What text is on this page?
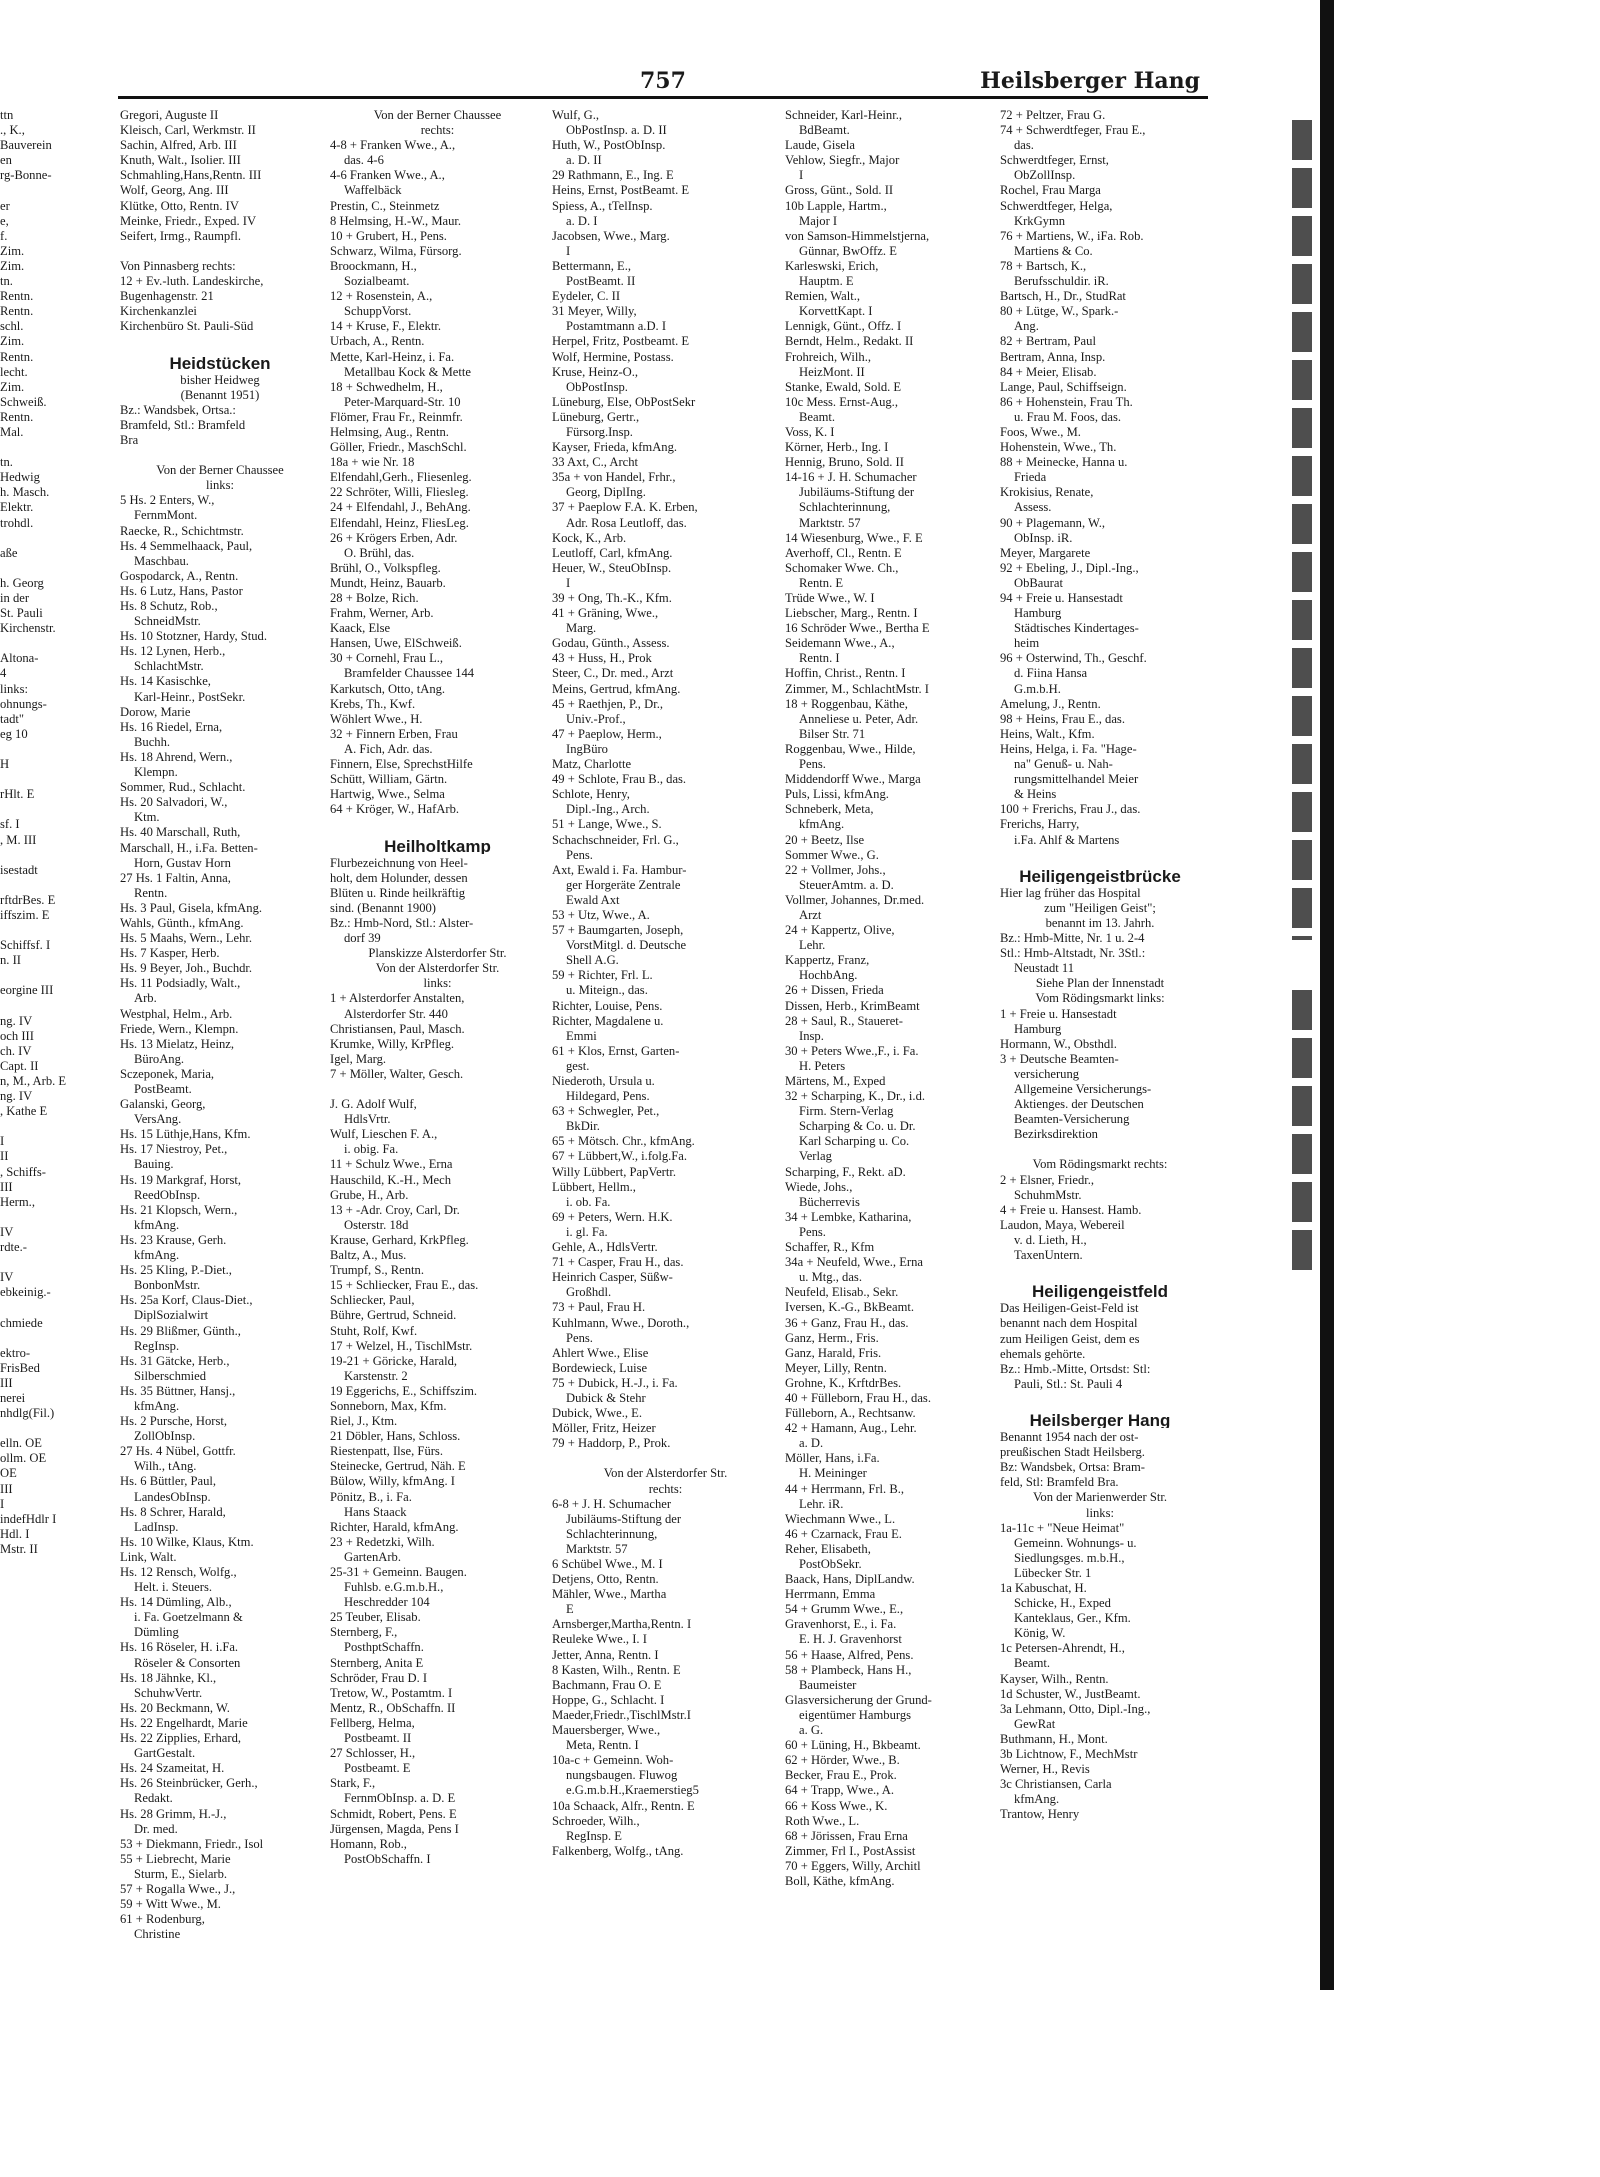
757	Heilsberger Hang
ttn
., K.,
Bauverein
en
rg-Bonne-

er
e,
f.
Zim.
Zim.
tn.
Rentn.
Rentn.
schl.
Zim.
Rentn.
lecht.
Zim.
Schweiß.
Rentn.
Mal.

tn.
Hedwig
h. Masch.
Elektr.
trohdl.

aße

h. Georg
in der
St. Pauli
Kirchenstr.

Altona-
4
links:
ohnungs-
tadt"
eg 10

H

rHlt. E

sf. I
, M. III

isestadt

rftdrBes. E
iffszim. E

Schiffsf. I
n. II

eorgine III

ng. IV
och III
ch. IV
Capt. II
n, M., Arb. E
ng. IV
, Kathe E

I
II
, Schiffs-
III
Herm.,

IV
rdte.-

IV
ebkeinig.-

chmiede

ektro-
FrisBed
III
nerei
nhdlg(Fil.)

elln. OE
ollm. OE
OE
III
I
indefHdlr I
Hdl. I
Mstr. II
Gregori, Auguste II
Kleisch, Carl, Werkmstr. II
Sachin, Alfred, Arb. III
Knuth, Walt., Isolier. III
Schmahling,Hans,Rentn. III
Wolf, Georg, Ang. III
Klütke, Otto, Rentn. IV
Meinke, Friedr., Exped. IV
Seifert, Irmg., Raumpfl.

Von Pinnasberg rechts:
12 + Ev.-luth. Landeskirche,
Bugenhagenstr. 21
Kirchenkanzlei
Kirchenbüro St. Pauli-Süd

Heidstücken
bisher Heidweg
(Benannt 1951)
Bz.: Wandsbek, Ortsa.:
Bramfeld, Stl.: Bramfeld
Bra

Von der Berner Chaussee
links:
5 Hs. 2 Enters, W.,
FernmMont.
Raecke, R., Schichtmstr.
Hs. 4 Semmelhaack, Paul,
Maschbau.
Gospodarck, A., Rentn.
Hs. 6 Lutz, Hans, Pastor
Hs. 8 Schutz, Rob.,
SchneidMstr.
Hs. 10 Stotzner, Hardy, Stud.
Hs. 12 Lynen, Herb.,
SchlachtMstr.
Hs. 14 Kasischke,
Karl-Heinr., PostSekr.
Dorow, Marie
Hs. 16 Riedel, Erna,
Buchh.
Hs. 18 Ahrend, Wern.,
Klempn.
Sommer, Rud., Schlacht.
Hs. 20 Salvadori, W.,
Ktm.
Hs. 40 Marschall, Ruth,
Marschall, H., i.Fa. Betten-
Horn, Gustav Horn
27 Hs. 1 Faltin, Anna,
Rentn.
Hs. 3 Paul, Gisela, kfmAng.
Wahls, Günth., kfmAng.
Hs. 5 Maahs, Wern., Lehr.
Hs. 7 Kasper, Herb.
Hs. 9 Beyer, Joh., Buchdr.
Hs. 11 Podsiadly, Walt.,
Arb.
Westphal, Helm., Arb.
Friede, Wern., Klempn.
Hs. 13 Mielatz, Heinz,
BüroAng.
Sczeponek, Maria,
PostBeamt.
Galanski, Georg,
VersAng.
Hs. 15 Lüthje,Hans, Kfm.
Hs. 17 Niestroy, Pet.,
Bauing.
Hs. 19 Markgraf, Horst,
ReedObInsp.
Hs. 21 Klopsch, Wern.,
kfmAng.
Hs. 23 Krause, Gerh.
kfmAng.
Hs. 25 Kling, P.-Diet.,
BonbonMstr.
Hs. 25a Korf, Claus-Diet.,
DiplSozialwirt
Hs. 29 Blißmer, Günth.,
RegInsp.
Hs. 31 Gätcke, Herb.,
Silberschmied
Hs. 35 Büttner, Hansj.,
kfmAng.
Hs. 2 Pursche, Horst,
ZollObInsp.
27 Hs. 4 Nübel, Gottfr.
Wilh., tAng.
Hs. 6 Büttler, Paul,
LandesObInsp.
Hs. 8 Schrer, Harald,
LadInsp.
Hs. 10 Wilke, Klaus, Ktm.
Link, Walt.
Hs. 12 Rensch, Wolfg.,
Helt. i. Steuers.
Hs. 14 Dümling, Alb.,
i. Fa. Goetzelmann &
Dümling
Hs. 16 Röseler, H. i.Fa.
Röseler & Consorten
Hs. 18 Jähnke, Kl.,
SchuhwVertr.
Hs. 20 Beckmann, W.
Hs. 22 Engelhardt, Marie
Hs. 22 Zipplies, Erhard,
GartGestalt.
Hs. 24 Szameitat, H.
Hs. 26 Steinbrücker, Gerh.,
Redakt.
Hs. 28 Grimm, H.-J.,
Dr. med.
53 + Diekmann, Friedr., Isol
55 + Liebrecht, Marie
Sturm, E., Sielarb.
57 + Rogalla Wwe., J.,
59 + Witt Wwe., M.
61 + Rodenburg,
Christine
Von der Berner Chaussee
rechts:
4-8 + Franken Wwe., A.,
das. 4-6
4-6 Franken Wwe., A.,
Waffelbäck
Prestin, C., Steinmetz
8 Helmsing, H.-W., Maur.
10 + Grubert, H., Pens.
Schwarz, Wilma, Fürsorg.
Broockmann, H.,
Sozialbeamt.
12 + Rosenstein, A.,
SchuppVorst.
14 + Kruse, F., Elektr.
Urbach, A., Rentn.
Mette, Karl-Heinz, i. Fa.
Metallbau Kock & Mette
18 + Schwedhelm, H.,
Peter-Marquard-Str. 10
Flömer, Frau Fr., Reinmfr.
Helmsing, Aug., Rentn.
Göller, Friedr., MaschSchl.
18a + wie Nr. 18
Elfendahl,Gerh., Fliesenleg.
22 Schröter, Willi, Fliesleg.
24 + Elfendahl, J., BehAng.
Elfendahl, Heinz, FliesLeg.
26 + Krögers Erben, Adr.
O. Brühl, das.
Brühl, O., Volkspfleg.
Mundt, Heinz, Bauarb.
28 + Bolze, Rich.
Frahm, Werner, Arb.
Kaack, Else
Hansen, Uwe, ElSchweiß.
30 + Cornehl, Frau L.,
Bramfelder Chaussee 144
Karkutsch, Otto, tAng.
Krebs, Th., Kwf.
Wöhlert Wwe., H.
32 + Finnern Erben, Frau
A. Fich, Adr. das.
Finnern, Else, SprechstHilfe
Schütt, William, Gärtn.
Hartwig, Wwe., Selma
64 + Kröger, W., HafArb.

Heilholtkamp
Flurbezeichnung von Heel-
holt, dem Holunder, dessen
Blüten u. Rinde heilkräftig
sind. (Benannt 1900)
Bz.: Hmb-Nord, Stl.: Alster-
dorf 39
Planskizze Alsterdorfer Str.
Von der Alsterdorfer Str.
links:
1 + Alsterdorfer Anstalten,
Alsterdorfer Str. 440
Christiansen, Paul, Masch.
Krumke, Willy, KrPfleg.
Igel, Marg.
7 + Möller, Walter, Gesch.

J. G. Adolf Wulf,
HdlsVrtr.
Wulf, Lieschen F. A.,
i. obig. Fa.
11 + Schulz Wwe., Erna
Hauschild, K.-H., Mech
Grube, H., Arb.
13 + -Adr. Croy, Carl, Dr.
Osterstr. 18d
Krause, Gerhard, KrkPfleg.
Baltz, A., Mus.
Trumpf, S., Rentn.
15 + Schliecker, Frau E., das.
Schliecker, Paul,
Bühre, Gertrud, Schneid.
Stuht, Rolf, Kwf.
17 + Welzel, H., TischlMstr.
19-21 + Göricke, Harald,
Karstenstr. 2
19 Eggerichs, E., Schiffszim.
Sonneborn, Max, Kfm.
Riel, J., Ktm.
21 Döbler, Hans, Schloss.
Riestenpatt, Ilse, Fürs.
Steinecke, Gertrud, Näh. E
Bülow, Willy, kfmAng. I
Pönitz, B., i. Fa.
Hans Staack
Richter, Harald, kfmAng.
23 + Redetzki, Wilh.
GartenArb.
25-31 + Gemeinn. Baugen.
Fuhlsb. e.G.m.b.H.,
Heschredder 104
25 Teuber, Elisab.
Sternberg, F.,
PosthptSchaffn.
Sternberg, Anita E
Schröder, Frau D. I
Tretow, W., Postamtm. I
Mentz, R., ObSchaffn. II
Fellberg, Helma,
Postbeamt. II
27 Schlosser, H.,
Postbeamt. E
Stark, F.,
FernmObInsp. a. D. E
Schmidt, Robert, Pens. E
Jürgensen, Magda, Pens I
Homann, Rob.,
PostObSchaffn. I
Wulf, G.,
ObPostInsp. a. D. II
Huth, W., PostObInsp.
a. D. II
29 Rathmann, E., Ing. E
Heins, Ernst, PostBeamt. E
Spiess, A., tTelInsp.
a. D. I
Jacobsen, Wwe., Marg.
I
Bettermann, E.,
PostBeamt. II
Eydeler, C. II
31 Meyer, Willy,
Postamtmann a.D. I
Herpel, Fritz, Postbeamt. E
Wolf, Hermine, Postass.
Kruse, Heinz-O.,
ObPostInsp.
Lüneburg, Else, ObPostSekr
Lüneburg, Gertr.,
Fürsorg.Insp.
Kayser, Frieda, kfmAng.
33 Axt, C., Archt
35a + von Handel, Frhr.,
Georg, DiplIng.
37 + Paeplow F.A. K. Erben,
Adr. Rosa Leutloff, das.
Kock, K., Arb.
Leutloff, Carl, kfmAng.
Heuer, W., SteuObInsp.
I
39 + Ong, Th.-K., Kfm.
41 + Gräning, Wwe.,
Marg.
Godau, Günth., Assess.
43 + Huss, H., Prok
Steer, C., Dr. med., Arzt
Meins, Gertrud, kfmAng.
45 + Raethjen, P., Dr.,
Univ.-Prof.,
47 + Paeplow, Herm.,
IngBüro
Matz, Charlotte
49 + Schlote, Frau B., das.
Schlote, Henry,
Dipl.-Ing., Arch.
51 + Lange, Wwe., S.
Schachschneider, Frl. G.,
Pens.
Axt, Ewald i. Fa. Hambur-
ger Horgeräte Zentrale
Ewald Axt
53 + Utz, Wwe., A.
57 + Baumgarten, Joseph,
VorstMitgl. d. Deutsche
Shell A.G.
59 + Richter, Frl. L.
u. Miteign., das.
Richter, Louise, Pens.
Richter, Magdalene u.
Emmi
61 + Klos, Ernst, Garten-
gest.
Niederoth, Ursula u.
Hildegard, Pens.
63 + Schwegler, Pet.,
BkDir.
65 + Mötsch. Chr., kfmAng.
67 + Lübbert,W., i.folg.Fa.
Willy Lübbert, PapVertr.
Lübbert, Hellm.,
i. ob. Fa.
69 + Peters, Wern. H.K.
i. gl. Fa.
Gehle, A., HdlsVertr.
71 + Casper, Frau H., das.
Heinrich Casper, Süßw-
Großhdl.
73 + Paul, Frau H.
Kuhlmann, Wwe., Doroth.,
Pens.
Ahlert Wwe., Elise
Bordewieck, Luise
75 + Dubick, H.-J., i. Fa.
Dubick & Stehr
Dubick, Wwe., E.
Möller, Fritz, Heizer
79 + Haddorp, P., Prok.

Von der Alsterdorfer Str.
rechts:
6-8 + J. H. Schumacher
Jubiläums-Stiftung der
Schlachterinnung,
Marktstr. 57
6 Schübel Wwe., M. I
Detjens, Otto, Rentn.
Mähler, Wwe., Martha
E
Arnsberger,Martha,Rentn. I
Reuleke Wwe., I. I
Jetter, Anna, Rentn. I
8 Kasten, Wilh., Rentn. E
Bachmann, Frau O. E
Hoppe, G., Schlacht. I
Maeder,Friedr.,TischlMstr.I
Mauersberger, Wwe.,
Meta, Rentn. I
10a-c + Gemeinn. Woh-
nungsbaugen. Fluwog
e.G.m.b.H.,Kraemerstieg5
10a Schaack, Alfr., Rentn. E
Schroeder, Wilh.,
RegInsp. E
Falkenberg, Wolfg., tAng.
Schneider, Karl-Heinr.,
BdBeamt.
Laude, Gisela
Vehlow, Siegfr., Major
I
Gross, Günt., Sold. II
10b Lapple, Hartm.,
Major I
von Samson-Himmelstjerna,
Günnar, BwOffz. E
Karleswski, Erich,
Hauptm. E
Remien, Walt.,
KorvettKapt. I
Lennigk, Günt., Offz. I
Berndt, Helm., Redakt. II
Frohreich, Wilh.,
HeizMont. II
Stanke, Ewald, Sold. E
10c Mess. Ernst-Aug.,
Beamt.
Voss, K. I
Körner, Herb., Ing. I
Hennig, Bruno, Sold. II
14-16 + J. H. Schumacher
Jubiläums-Stiftung der
Schlachterinnung,
Marktstr. 57
14 Wiesenburg, Wwe., F. E
Averhoff, Cl., Rentn. E
Schomaker Wwe. Ch.,
Rentn. E
Trüde Wwe., W. I
Liebscher, Marg., Rentn. I
16 Schröder Wwe., Bertha E
Seidemann Wwe., A.,
Rentn. I
Hoffin, Christ., Rentn. I
Zimmer, M., SchlachtMstr. I
18 + Roggenbau, Käthe,
Anneliese u. Peter, Adr.
Bilser Str. 71
Roggenbau, Wwe., Hilde,
Pens.
Middendorff Wwe., Marga
Puls, Lissi, kfmAng.
Schneberk, Meta,
kfmAng.
20 + Beetz, Ilse
Sommer Wwe., G.
22 + Vollmer, Johs.,
SteuerAmtm. a. D.
Vollmer, Johannes, Dr.med.
Arzt
24 + Kappertz, Olive,
Lehr.
Kappertz, Franz,
HochbAng.
26 + Dissen, Frieda
Dissen, Herb., KrimBeamt
28 + Saul, R., Staueret-
Insp.
30 + Peters Wwe.,F., i. Fa.
H. Peters
Märtens, M., Exped
32 + Scharping, K., Dr., i.d.
Firm. Stern-Verlag
Scharping & Co. u. Dr.
Karl Scharping u. Co.
Verlag
Scharping, F., Rekt. aD.
Wiede, Johs.,
Bücherrevis
34 + Lembke, Katharina,
Pens.
Schaffer, R., Kfm
34a + Neufeld, Wwe., Erna
u. Mtg., das.
Neufeld, Elisab., Sekr.
Iversen, K.-G., BkBeamt.
36 + Ganz, Frau H., das.
Ganz, Herm., Fris.
Ganz, Harald, Fris.
Meyer, Lilly, Rentn.
Grohne, K., KrftdrBes.
40 + Fülleborn, Frau H., das.
Fülleborn, A., Rechtsanw.
42 + Hamann, Aug., Lehr.
a. D.
Möller, Hans, i.Fa.
H. Meininger
44 + Herrmann, Frl. B.,
Lehr. iR.
Wiechmann Wwe., L.
46 + Czarnack, Frau E.
Reher, Elisabeth,
PostObSekr.
Baack, Hans, DiplLandw.
Herrmann, Emma
54 + Grumm Wwe., E.,
Gravenhorst, E., i. Fa.
E. H. J. Gravenhorst
56 + Haase, Alfred, Pens.
58 + Plambeck, Hans H.,
Baumeister
Glasversicherung der Grund-
eigentümer Hamburgs
a. G.
60 + Lüning, H., Bkbeamt.
62 + Hörder, Wwe., B.
Becker, Frau E., Prok.
64 + Trapp, Wwe., A.
66 + Koss Wwe., K.
Roth Wwe., L.
68 + Jörissen, Frau Erna
Zimmer, Frl I., PostAssist
70 + Eggers, Willy, Architl
Boll, Käthe, kfmAng.
72 + Peltzer, Frau G.
74 + Schwerdtfeger, Frau E.,
das.
Schwerdtfeger, Ernst,
ObZollInsp.
Rochel, Frau Marga
Schwerdtfeger, Helga,
KrkGymn
76 + Martiens, W., iFa. Rob.
Martiens & Co.
78 + Bartsch, K.,
Berufsschuldir. iR.
Bartsch, H., Dr., StudRat
80 + Lütge, W., Spark.-
Ang.
82 + Bertram, Paul
Bertram, Anna, Insp.
84 + Meier, Elisab.
Lange, Paul, Schiffseign.
86 + Hohenstein, Frau Th.
u. Frau M. Foos, das.
Foos, Wwe., M.
Hohenstein, Wwe., Th.
88 + Meinecke, Hanna u.
Frieda
Krokisius, Renate,
Assess.
90 + Plagemann, W.,
ObInsp. iR.
Meyer, Margarete
92 + Ebeling, J., Dipl.-Ing.,
ObBaurat
94 + Freie u. Hansestadt
Hamburg
Städtisches Kindertages-
heim
96 + Osterwind, Th., Geschf.
d. Fiina Hansa
G.m.b.H.
Amelung, J., Rentn.
98 + Heins, Frau E., das.
Heins, Walt., Kfm.
Heins, Helga, i. Fa. "Hage-
na" Genuß- u. Nah-
rungsmittelhandel Meier
& Heins
100 + Frerichs, Frau J., das.
Frerichs, Harry,
i.Fa. Ahlf & Martens

Heiligengeistbrücke
Hier lag früher das Hospital
zum "Heiligen Geist";
benannt im 13. Jahrh.
Bz.: Hmb-Mitte, Nr. 1 u. 2-4
Stl.: Hmb-Altstadt, Nr. 3Stl.:
Neustadt 11
Siehe Plan der Innenstadt
Vom Rödingsmarkt links:
1 + Freie u. Hansestadt
Hamburg
Hormann, W., Obsthdl.
3 + Deutsche Beamten-
versicherung
Allgemeine Versicherungs-
Aktienges. der Deutschen
Beamten-Versicherung
Bezirksdirektion

Vom Rödingsmarkt rechts:
2 + Elsner, Friedr.,
SchuhmMstr.
4 + Freie u. Hansest. Hamb.
Laudon, Maya, Webereil
v. d. Lieth, H.,
TaxenUntern.

Heiligengeistfeld
Das Heiligen-Geist-Feld ist
benannt nach dem Hospital
zum Heiligen Geist, dem es
ehemals gehörte.
Bz.: Hmb.-Mitte, Ortsdst: Stl:
Pauli, Stl.: St. Pauli 4

Heilsberger Hang
Benannt 1954 nach der ost-
preußischen Stadt Heilsberg.
Bz: Wandsbek, Ortsa: Bram-
feld, Stl: Bramfeld Bra.
Von der Marienwerder Str.
links:
1a-11c + "Neue Heimat"
Gemeinn. Wohnungs- u.
Siedlungsges. m.b.H.,
Lübecker Str. 1
1a Kabuschat, H.
Schicke, H., Exped
Kanteklaus, Ger., Kfm.
König, W.
1c Petersen-Ahrendt, H.,
Beamt.
Kayser, Wilh., Rentn.
1d Schuster, W., JustBeamt.
3a Lehmann, Otto, Dipl.-Ing.,
GewRat
Buthmann, H., Mont.
3b Lichtnow, F., MechMstr
Werner, H., Revis
3c Christiansen, Carla
kfmAng.
Trantow, Henry
